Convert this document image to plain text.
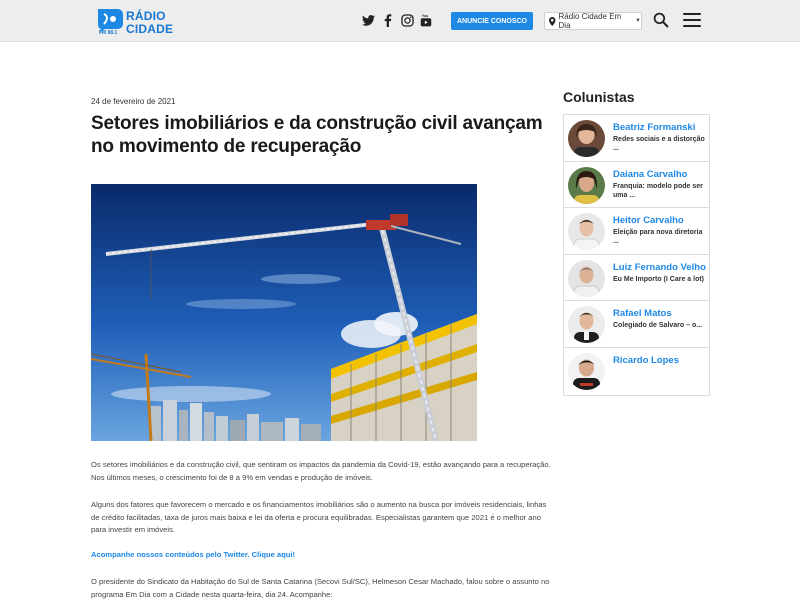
FM 88.1
RÁDIO
CIDADE
You
ANUNCIE CONOSCO	Rádio Cidade Em Dia	▼
24 de fevereiro de 2021
Setores imobiliários e da construção civil avançam no movimento de recuperação

Os setores imobiliários e da construção civil, que sentiram os impactos da pandemia da Covid-19, estão avançando para a recuperação. Nos últimos meses, o crescimento foi de 8 a 9% em vendas e produção de imóveis.

Alguns dos fatores que favorecem o mercado e os financiamentos imobiliários são o aumento na busca por imóveis residenciais, linhas de crédito facilitadas, taxa de juros mais baixa e lei da oferta e procura equilibradas. Especialistas garantem que 2021 é o melhor ano para investir em imóveis.

Acompanhe nossos conteúdos pelo Twitter. Clique aqui!

O presidente do Sindicato da Habitação do Sul de Santa Catarina (Secovi Sul/SC), Helmeson Cesar Machado, falou sobre o assunto no programa Em Dia com a Cidade nesta quarta-feira, dia 24. Acompanhe:

Colunistas
Beatriz Formanski
Redes sociais e a distorção ...
Daiana Carvalho
Franquia: modelo pode ser uma ...
Heitor Carvalho
Eleição para nova diretoria ...
Luiz Fernando Velho
Eu Me Importo (I Care a lot)
Rafael Matos
Colegiado de Salvaro – o...
Ricardo Lopes
